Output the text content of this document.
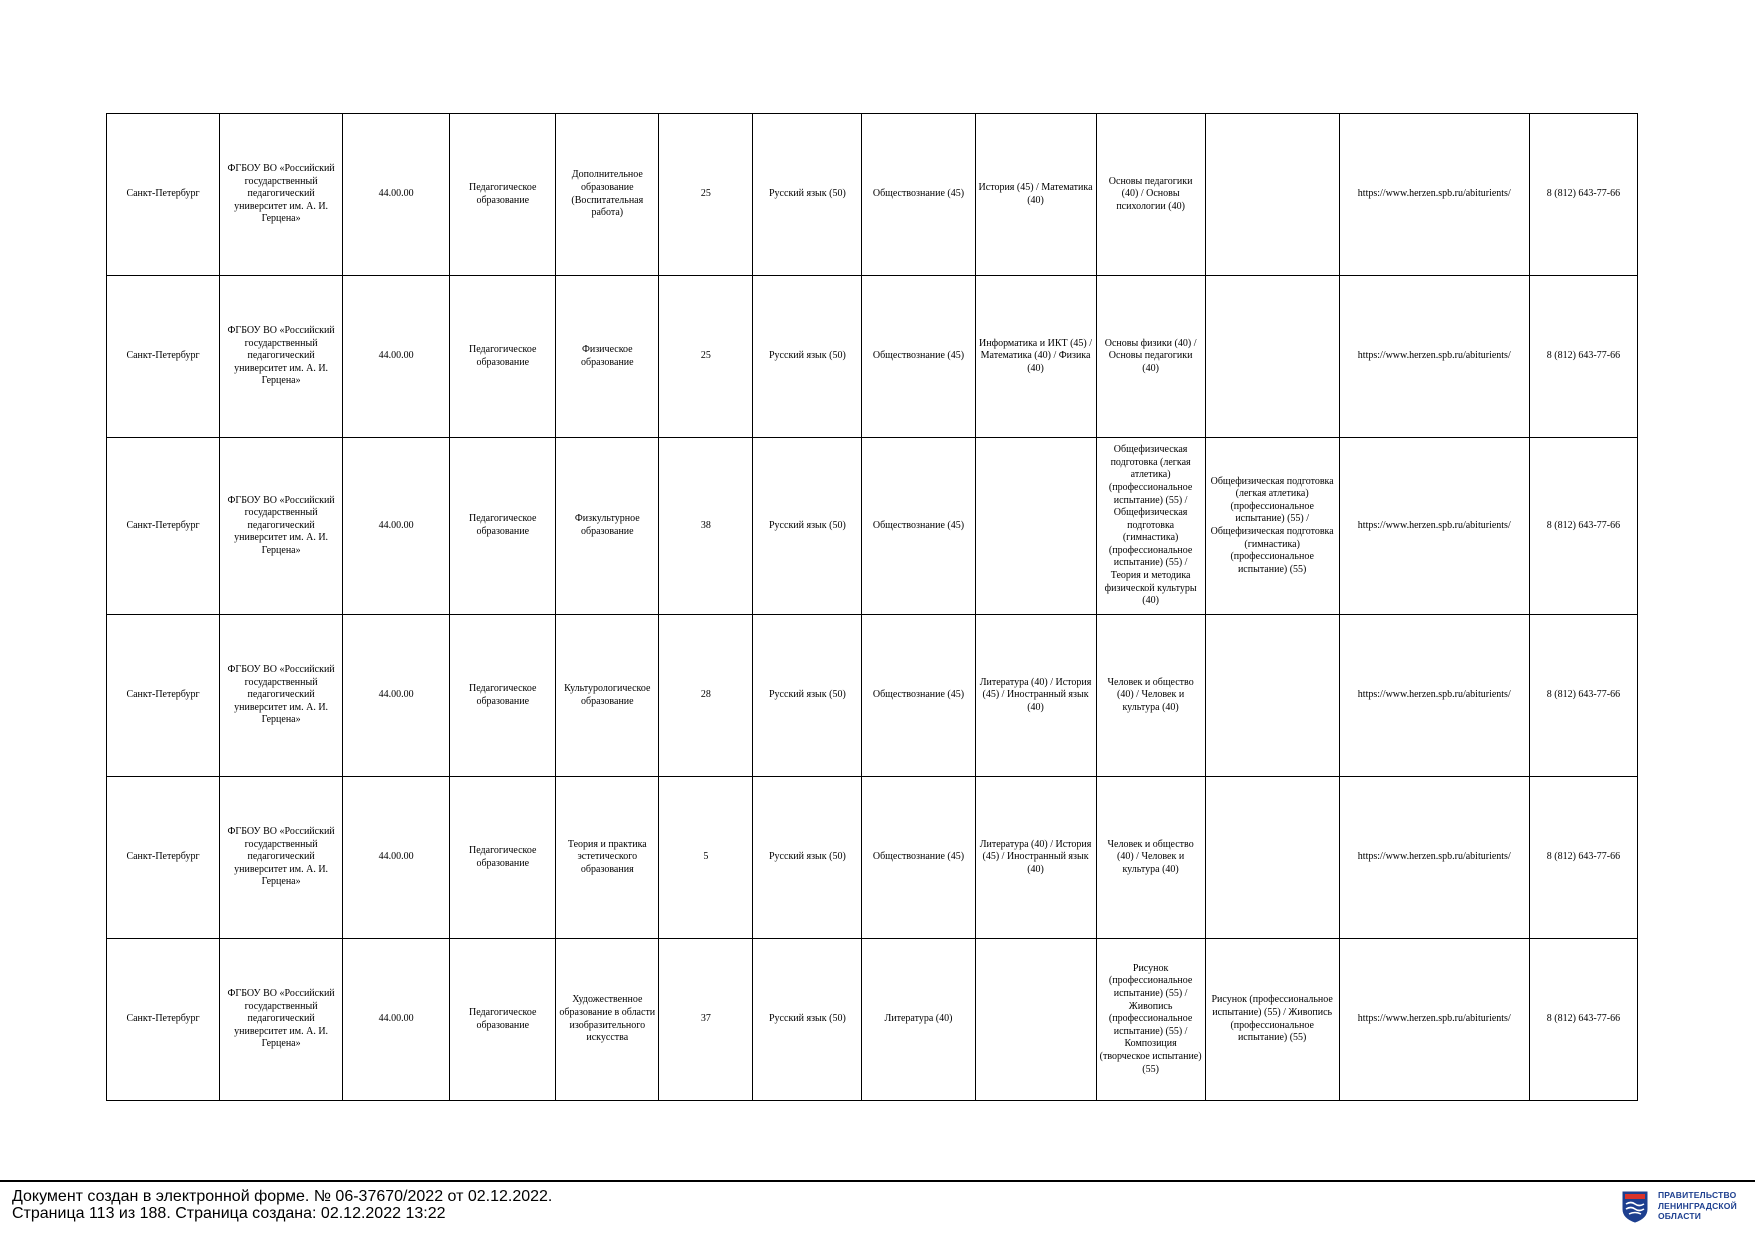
Санкт-Петербург	ФГБОУ ВО «Российский государственный педагогический университет им. А. И. Герцена»	44.00.00	Педагогическое образование	Дополнительное образование (Воспитательная работа)	25	Русский язык (50)	Обществознание (45)	История (45) / Математика (40)	Основы педагогики (40) / Основы психологии (40)		https://www.herzen.spb.ru/abiturients/	8 (812) 643-77-66
Санкт-Петербург	ФГБОУ ВО «Российский государственный педагогический университет им. А. И. Герцена»	44.00.00	Педагогическое образование	Физическое образование	25	Русский язык (50)	Обществознание (45)	Информатика и ИКТ (45) / Математика (40) / Физика (40)	Основы физики (40) / Основы педагогики (40)		https://www.herzen.spb.ru/abiturients/	8 (812) 643-77-66
Санкт-Петербург	ФГБОУ ВО «Российский государственный педагогический университет им. А. И. Герцена»	44.00.00	Педагогическое образование	Физкультурное образование	38	Русский язык (50)	Обществознание (45)		Общефизическая подготовка (легкая атлетика) (профессиональное испытание) (55) / Общефизическая подготовка (гимнастика) (профессиональное испытание) (55) / Теория и методика физической культуры (40)	Общефизическая подготовка (легкая атлетика) (профессиональное испытание) (55) / Общефизическая подготовка (гимнастика) (профессиональное испытание) (55)	https://www.herzen.spb.ru/abiturients/	8 (812) 643-77-66
Санкт-Петербург	ФГБОУ ВО «Российский государственный педагогический университет им. А. И. Герцена»	44.00.00	Педагогическое образование	Культурологическое образование	28	Русский язык (50)	Обществознание (45)	Литература (40) / История (45) / Иностранный язык (40)	Человек и общество (40) / Человек и культура (40)		https://www.herzen.spb.ru/abiturients/	8 (812) 643-77-66
Санкт-Петербург	ФГБОУ ВО «Российский государственный педагогический университет им. А. И. Герцена»	44.00.00	Педагогическое образование	Теория и практика эстетического образования	5	Русский язык (50)	Обществознание (45)	Литература (40) / История (45) / Иностранный язык (40)	Человек и общество (40) / Человек и культура (40)		https://www.herzen.spb.ru/abiturients/	8 (812) 643-77-66
Санкт-Петербург	ФГБОУ ВО «Российский государственный педагогический университет им. А. И. Герцена»	44.00.00	Педагогическое образование	Художественное образование в области изобразительного искусства	37	Русский язык (50)	Литература (40)		Рисунок (профессиональное испытание) (55) / Живопись (профессиональное испытание) (55) / Композиция (творческое испытание) (55)	Рисунок (профессиональное испытание) (55) / Живопись (профессиональное испытание) (55)	https://www.herzen.spb.ru/abiturients/	8 (812) 643-77-66
Документ создан в электронной форме. № 06-37670/2022 от 02.12.2022.
Страница 113 из 188. Страница создана: 02.12.2022 13:22
ПРАВИТЕЛЬСТВО
ЛЕНИНГРАДСКОЙ
ОБЛАСТИ
